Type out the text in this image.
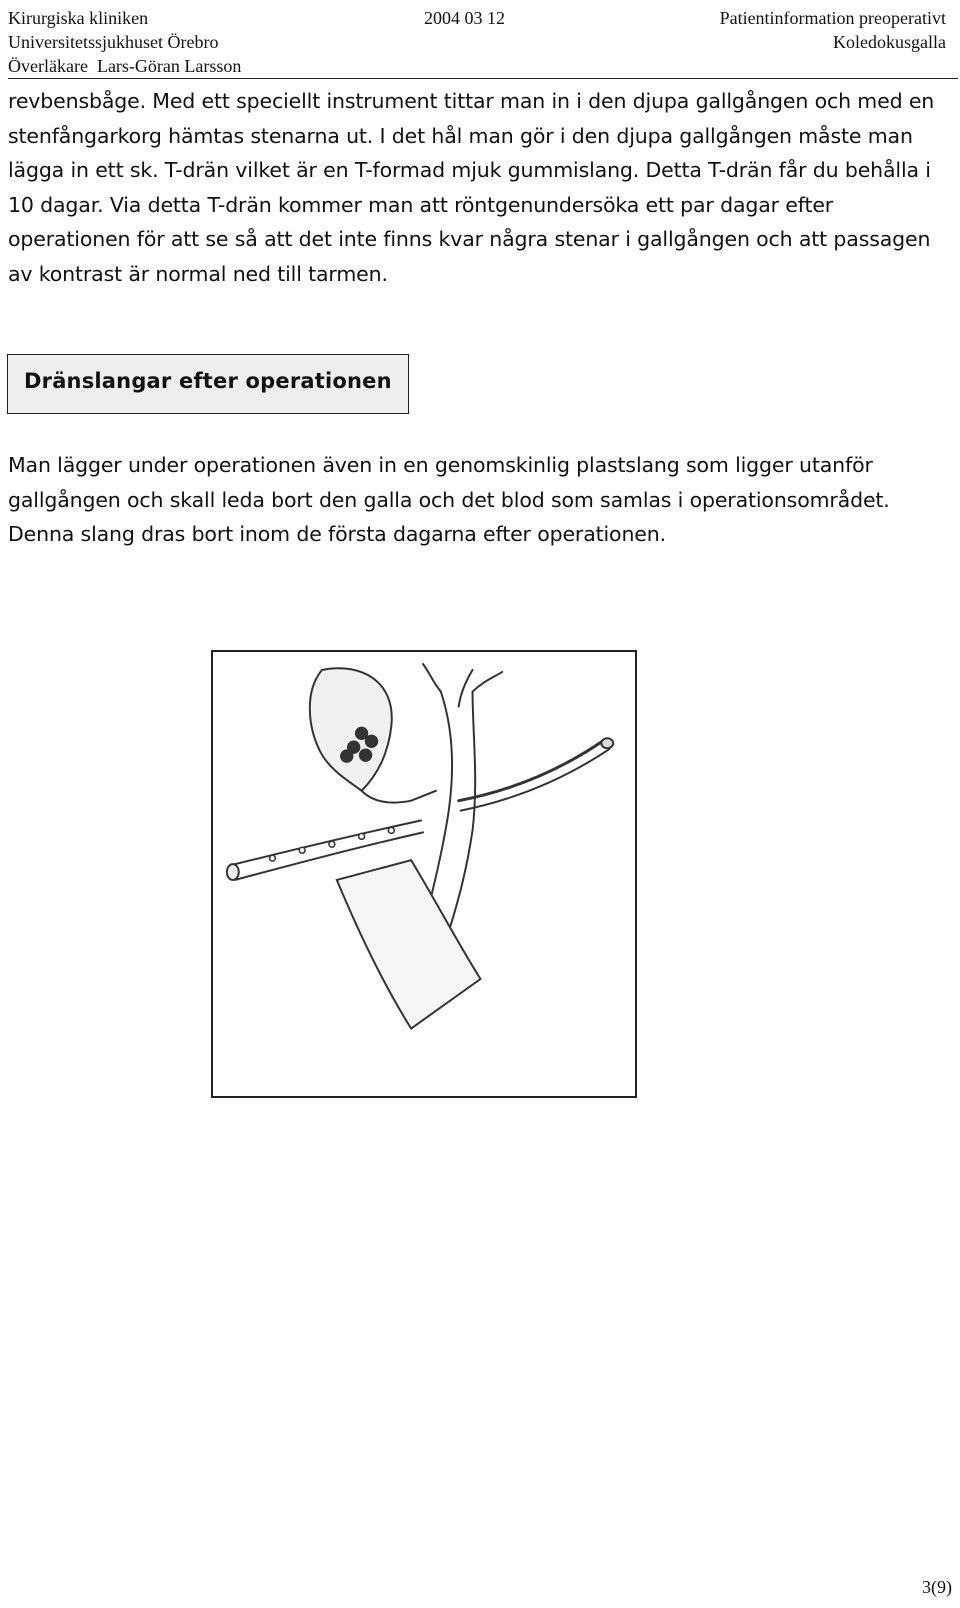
Kirurgiska kliniken	2004 03 12	Patientinformation preoperativt
Universitetssjukhuset Örebro	Koledokusgalla
Överläkare  Lars-Göran Larsson

revbensbåge. Med ett speciellt instrument tittar man in i den djupa gallgången och med en stenfångarkorg hämtas stenarna ut. I det hål man gör i den djupa gallgången måste man lägga in ett sk. T-drän vilket är en T-formad mjuk gummislang. Detta T-drän får du behålla i 10 dagar. Via detta T-drän kommer man att röntgenundersöka ett par dagar efter operationen för att se så att det inte finns kvar några stenar i gallgången och att passagen av kontrast är normal ned till tarmen.

Dränslangar efter operationen

Man lägger under operationen även in en genomskinlig plastslang som ligger utanför gallgången och skall leda bort den galla och det blod som samlas i operationsområdet. Denna slang dras bort inom de första dagarna efter operationen.

3(9)
